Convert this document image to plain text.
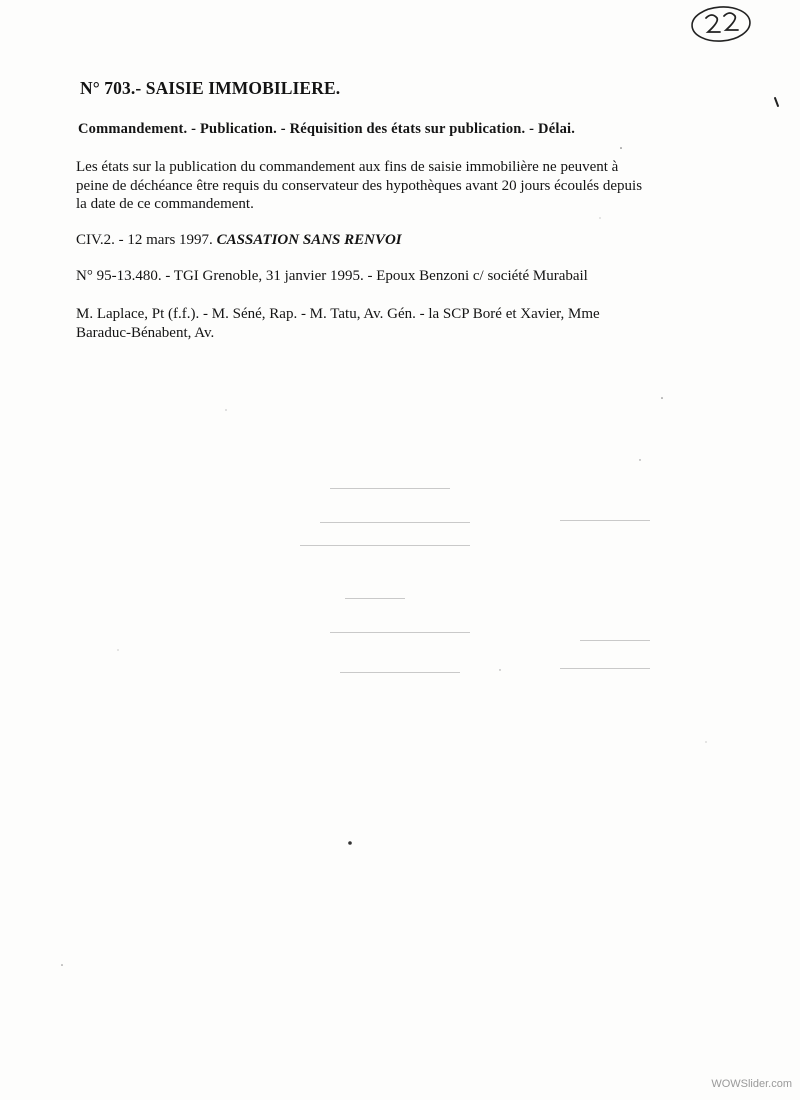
N° 703.- SAISIE IMMOBILIERE.
Commandement. - Publication. - Réquisition des états sur publication. - Délai.
Les états sur la publication du commandement aux fins de saisie immobilière ne peuvent à
peine de déchéance être requis du conservateur des hypothèques avant 20 jours écoulés depuis
la date de ce commandement.
CIV.2. - 12 mars 1997. CASSATION SANS RENVOI
N° 95-13.480. - TGI Grenoble, 31 janvier 1995. - Epoux Benzoni c/ société Murabail
M. Laplace, Pt (f.f.). - M. Séné, Rap. - M. Tatu, Av. Gén. - la SCP Boré et Xavier, Mme
Baraduc-Bénabent, Av.
WOWSlider.com
